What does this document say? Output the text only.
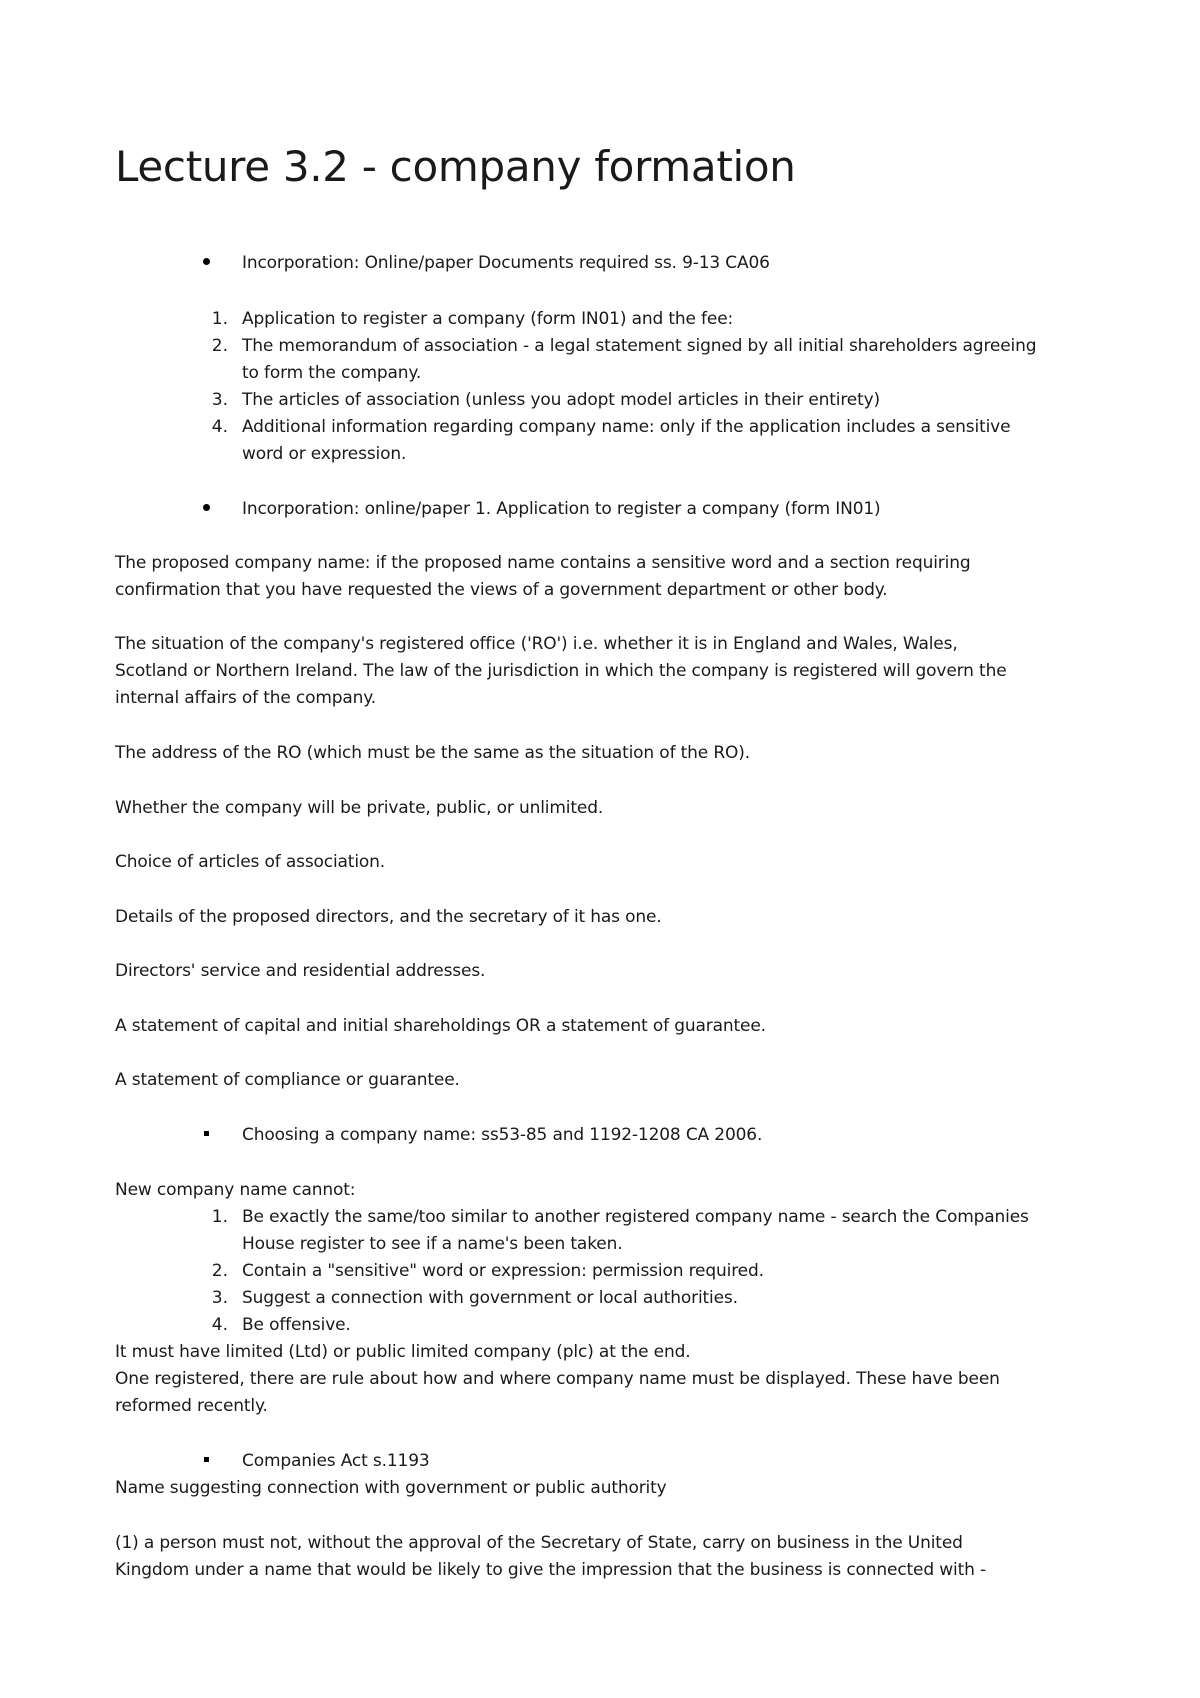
Lecture 3.2 - company formation

Incorporation: Online/paper Documents required ss. 9-13 CA06

1. Application to register a company (form IN01) and the fee:

2. The memorandum of association - a legal statement signed by all initial shareholders agreeing

to form the company.

3. The articles of association (unless you adopt model articles in their entirety)

4. Additional information regarding company name: only if the application includes a sensitive

word or expression.

Incorporation: online/paper 1. Application to register a company (form IN01)

The proposed company name: if the proposed name contains a sensitive word and a section requiring

confirmation that you have requested the views of a government department or other body.

The situation of the company's registered office ('RO') i.e. whether it is in England and Wales, Wales,

Scotland or Northern Ireland. The law of the jurisdiction in which the company is registered will govern the

internal affairs of the company.

The address of the RO (which must be the same as the situation of the RO).

Whether the company will be private, public, or unlimited.

Choice of articles of association.

Details of the proposed directors, and the secretary of it has one.

Directors' service and residential addresses.

A statement of capital and initial shareholdings OR a statement of guarantee.

A statement of compliance or guarantee.

Choosing a company name: ss53-85 and 1192-1208 CA 2006.

New company name cannot:

1. Be exactly the same/too similar to another registered company name - search the Companies

House register to see if a name's been taken.

2. Contain a "sensitive" word or expression: permission required.

3. Suggest a connection with government or local authorities.

4. Be offensive.

It must have limited (Ltd) or public limited company (plc) at the end.

One registered, there are rule about how and where company name must be displayed. These have been

reformed recently.

Companies Act s.1193

Name suggesting connection with government or public authority

(1) a person must not, without the approval of the Secretary of State, carry on business in the United

Kingdom under a name that would be likely to give the impression that the business is connected with -
